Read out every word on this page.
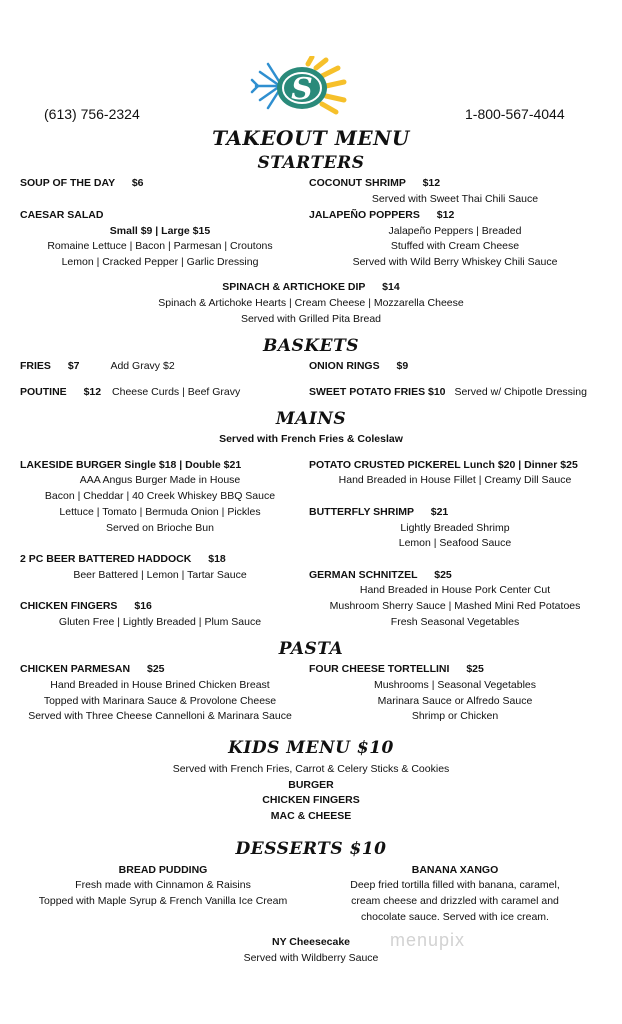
S
(613) 756-2324	1-800-567-4044
TAKEOUT MENU
STARTERS
SOUP OF THE DAY $6
CAESAR SALAD
Small $9 | Large $15
Romaine Lettuce | Bacon | Parmesan | Croutons
Lemon | Cracked Pepper | Garlic Dressing
COCONUT SHRIMP $12
Served with Sweet Thai Chili Sauce
JALAPEÑO POPPERS $12
Jalapeño Peppers | Breaded
Stuffed with Cream Cheese
Served with Wild Berry Whiskey Chili Sauce
SPINACH & ARTICHOKE DIP $14
Spinach & Artichoke Hearts | Cream Cheese | Mozzarella Cheese
Served with Grilled Pita Bread
BASKETS
FRIES $7	Add Gravy $2	ONION RINGS $9
POUTINE $12 Cheese Curds | Beef Gravy	SWEET POTATO FRIES $10 Served w/ Chipotle Dressing
MAINS
Served with French Fries & Coleslaw
LAKESIDE BURGER Single $18 | Double $21
AAA Angus Burger Made in House
Bacon | Cheddar | 40 Creek Whiskey BBQ Sauce
Lettuce | Tomato | Bermuda Onion | Pickles
Served on Brioche Bun
2 PC BEER BATTERED HADDOCK $18
Beer Battered | Lemon | Tartar Sauce
CHICKEN FINGERS $16
Gluten Free | Lightly Breaded | Plum Sauce
POTATO CRUSTED PICKEREL Lunch $20 | Dinner $25
Hand Breaded in House Fillet | Creamy Dill Sauce
BUTTERFLY SHRIMP $21
Lightly Breaded Shrimp
Lemon | Seafood Sauce
GERMAN SCHNITZEL $25
Hand Breaded in House Pork Center Cut
Mushroom Sherry Sauce | Mashed Mini Red Potatoes
Fresh Seasonal Vegetables
PASTA
CHICKEN PARMESAN $25
Hand Breaded in House Brined Chicken Breast
Topped with Marinara Sauce & Provolone Cheese
Served with Three Cheese Cannelloni & Marinara Sauce
FOUR CHEESE TORTELLINI $25
Mushrooms | Seasonal Vegetables
Marinara Sauce or Alfredo Sauce
Shrimp or Chicken
KIDS MENU $10
Served with French Fries, Carrot & Celery Sticks & Cookies
BURGER
CHICKEN FINGERS
MAC & CHEESE
DESSERTS $10
BREAD PUDDING
Fresh made with Cinnamon & Raisins
Topped with Maple Syrup & French Vanilla Ice Cream
BANANA XANGO
Deep fried tortilla filled with banana, caramel,
cream cheese and drizzled with caramel and
chocolate sauce. Served with ice cream.
NY Cheesecake
Served with Wildberry Sauce
menupix
